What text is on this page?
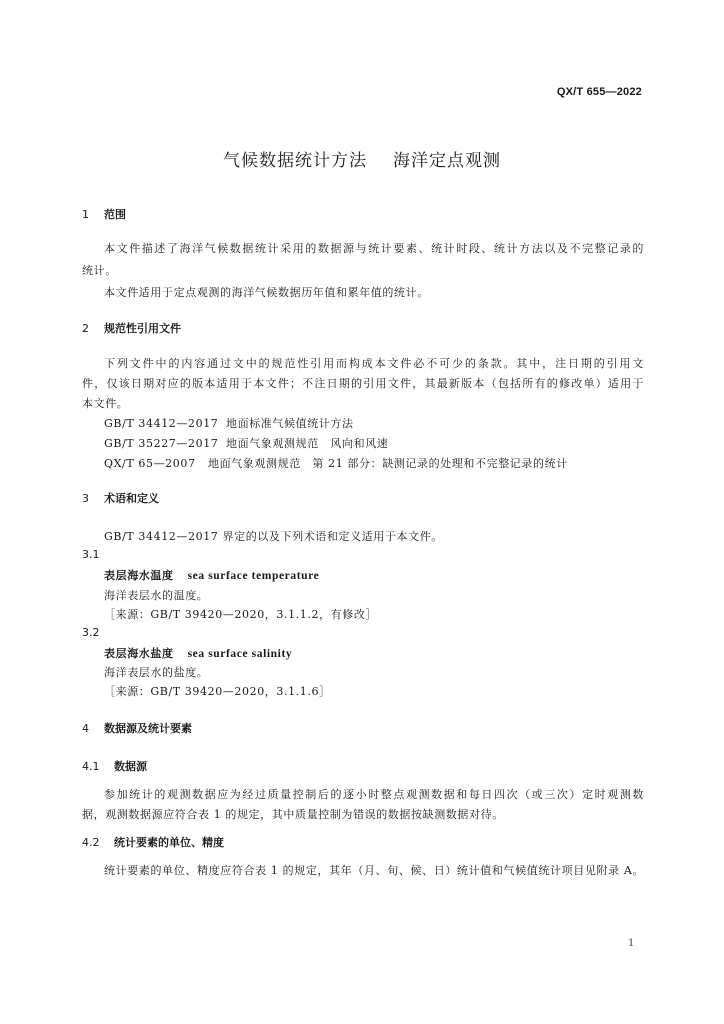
QX/T 655—2022
气候数据统计方法 海洋定点观测
1 范围
本文件描述了海洋气候数据统计采用的数据源与统计要素、统计时段、统计方法以及不完整记录的
统计。
本文件适用于定点观测的海洋气候数据历年值和累年值的统计。
2 规范性引用文件
下列文件中的内容通过文中的规范性引用而构成本文件必不可少的条款。其中，注日期的引用文
件，仅该日期对应的版本适用于本文件；不注日期的引用文件，其最新版本（包括所有的修改单）适用于
本文件。
GB/T 34412—2017 地面标准气候值统计方法
GB/T 35227—2017 地面气象观测规范　风向和风速
QX/T 65—2007 地面气象观测规范　第 21 部分：缺测记录的处理和不完整记录的统计
3 术语和定义
GB/T 34412—2017 界定的以及下列术语和定义适用于本文件。
3.1
表层海水温度 sea surface temperature
海洋表层水的温度。
［来源：GB/T 39420—2020，3.1.1.2，有修改］
3.2
表层海水盐度 sea surface salinity
海洋表层水的盐度。
［来源：GB/T 39420—2020，3.1.1.6］
4 数据源及统计要素
4.1 数据源
参加统计的观测数据应为经过质量控制后的逐小时整点观测数据和每日四次（或三次）定时观测数
据，观测数据源应符合表 1 的规定，其中质量控制为错误的数据按缺测数据对待。
4.2 统计要素的单位、精度
统计要素的单位、精度应符合表 1 的规定，其年（月、旬、候、日）统计值和气候值统计项目见附录 A。
1
